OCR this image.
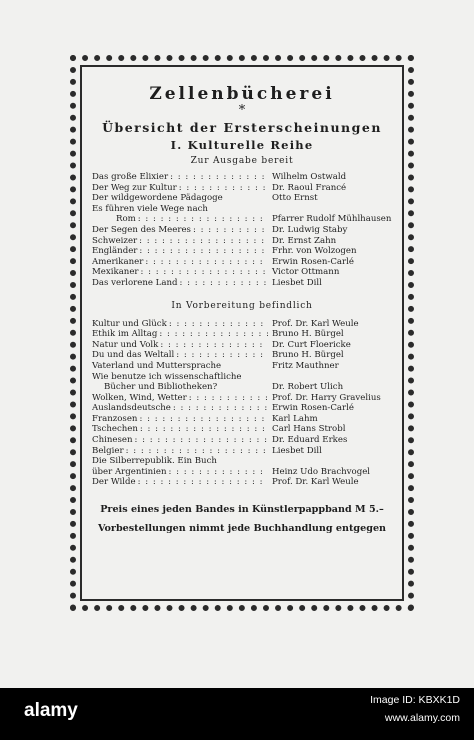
Zellenbücherei
*
Übersicht der Ersterscheinungen
I. Kulturelle Reihe
Zur Ausgabe bereit
Das große Elixier : : : : : : : : : : : : : : : : : : : : : : : : : : : : : : : : : : : : : : :	Wilhelm Ostwald
Der Weg zur Kultur : : : : : : : : : : : : : : : : : : : : : : : : : : : : : : : : : : : : : : :	Dr. Raoul Francé
Der wildgewordene Pädagoge	Otto Ernst
Es führen viele Wege nach
Rom : : : : : : : : : : : : : : : : : : : : : : : : : : : : : : : : : : : : : : :	Pfarrer Rudolf Mühlhausen
Der Segen des Meeres : : : : : : : : : : : : : : : : : : : : : : : : : : : : : : : : : : : : : : :	Dr. Ludwig Staby
Schweizer : : : : : : : : : : : : : : : : : : : : : : : : : : : : : : : : : : : : : : :	Dr. Ernst Zahn
Engländer : : : : : : : : : : : : : : : : : : : : : : : : : : : : : : : : : : : : : : :	Frhr. von Wolzogen
Amerikaner : : : : : : : : : : : : : : : : : : : : : : : : : : : : : : : : : : : : : : :	Erwin Rosen-Carlé
Mexikaner : : : : : : : : : : : : : : : : : : : : : : : : : : : : : : : : : : : : : : :	Victor Ottmann
Das verlorene Land : : : : : : : : : : : : : : : : : : : : : : : : : : : : : : : : : : : : : : :	Liesbet Dill
In Vorbereitung befindlich
Kultur und Glück : : : : : : : : : : : : : : : : : : : : : : : : : : : : : : : : : : : : : : :	Prof. Dr. Karl Weule
Ethik im Alltag : : : : : : : : : : : : : : : : : : : : : : : : : : : : : : : : : : : : : : :	Bruno H. Bürgel
Natur und Volk : : : : : : : : : : : : : : : : : : : : : : : : : : : : : : : : : : : : : : :	Dr. Curt Floericke
Du und das Weltall : : : : : : : : : : : : : : : : : : : : : : : : : : : : : : : : : : : : : : :	Bruno H. Bürgel
Vaterland und Muttersprache	Fritz Mauthner
Wie benutze ich wissenschaftliche
Bücher und Bibliotheken?	Dr. Robert Ulich
Wolken, Wind, Wetter : : : : : : : : : : : : : : : : : : : : : : : : : : : : : : : : : : : : : : :	Prof. Dr. Harry Gravelius
Auslandsdeutsche : : : : : : : : : : : : : : : : : : : : : : : : : : : : : : : : : : : : : : :	Erwin Rosen-Carlé
Franzosen : : : : : : : : : : : : : : : : : : : : : : : : : : : : : : : : : : : : : : :	Karl Lahm
Tschechen : : : : : : : : : : : : : : : : : : : : : : : : : : : : : : : : : : : : : : :	Carl Hans Strobl
Chinesen : : : : : : : : : : : : : : : : : : : : : : : : : : : : : : : : : : : : : : :	Dr. Eduard Erkes
Belgier : : : : : : : : : : : : : : : : : : : : : : : : : : : : : : : : : : : : : : :	Liesbet Dill
Die Silberrepublik. Ein Buch
über Argentinien : : : : : : : : : : : : : : : : : : : : : : : : : : : : : : : : : : : : : : :	Heinz Udo Brachvogel
Der Wilde : : : : : : : : : : : : : : : : : : : : : : : : : : : : : : : : : : : : : : :	Prof. Dr. Karl Weule
Preis eines jeden Bandes in Künstlerpappband M 5.–
Vorbestellungen nimmt jede Buchhandlung entgegen
alamy	Image ID: KBXK1D
www.alamy.com
